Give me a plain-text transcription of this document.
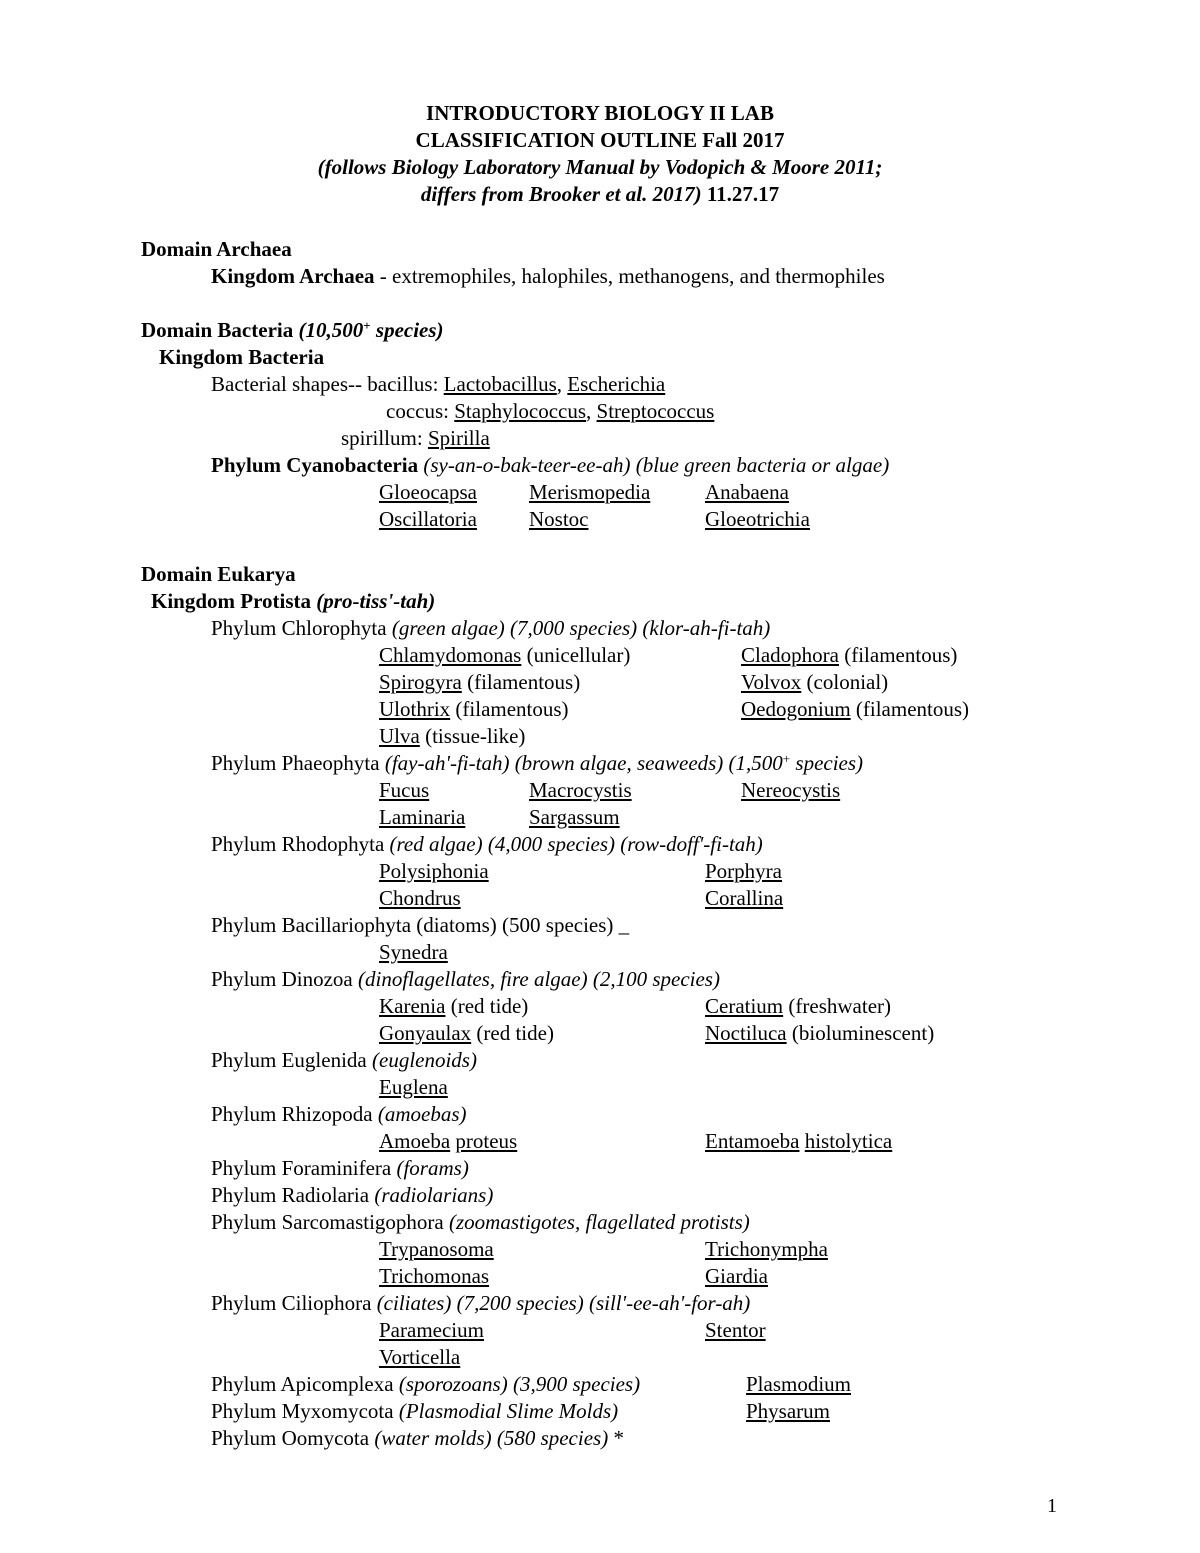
INTRODUCTORY BIOLOGY II LAB
CLASSIFICATION OUTLINE Fall 2017
(follows Biology Laboratory Manual by Vodopich & Moore 2011;
differs from Brooker et al. 2017) 11.27.17
Domain Archaea
Kingdom Archaea - extremophiles, halophiles, methanogens, and thermophiles
Domain Bacteria (10,500+ species)
Kingdom Bacteria
Bacterial shapes-- bacillus: Lactobacillus, Escherichia
coccus: Staphylococcus, Streptococcus
spirillum: Spirilla
Phylum Cyanobacteria (sy-an-o-bak-teer-ee-ah) (blue green bacteria or algae)
Gloeocapsa Merismopedia	Anabaena
Oscillatoria Nostoc	Gloeotrichia
Domain Eukarya
Kingdom Protista (pro-tiss'-tah)
Phylum Chlorophyta (green algae) (7,000 species) (klor-ah-fi-tah)
Chlamydomonas (unicellular)	Cladophora (filamentous)
Spirogyra (filamentous)	Volvox (colonial)
Ulothrix (filamentous)	Oedogonium (filamentous)
Ulva (tissue-like)
Phylum Phaeophyta (fay-ah'-fi-tah) (brown algae, seaweeds) (1,500+ species)
Fucus	Macrocystis	Nereocystis
Laminaria	Sargassum
Phylum Rhodophyta (red algae) (4,000 species) (row-doff'-fi-tah)
Polysiphonia	Porphyra
Chondrus	Corallina
Phylum Bacillariophyta (diatoms) (500 species) _
Synedra
Phylum Dinozoa (dinoflagellates, fire algae) (2,100 species)
Karenia (red tide)	Ceratium (freshwater)
Gonyaulax (red tide)	Noctiluca (bioluminescent)
Phylum Euglenida (euglenoids)
Euglena
Phylum Rhizopoda (amoebas)
Amoeba proteus	Entamoeba histolytica
Phylum Foraminifera (forams)
Phylum Radiolaria (radiolarians)
Phylum Sarcomastigophora (zoomastigotes, flagellated protists)
Trypanosoma	Trichonympha
Trichomonas	Giardia
Phylum Ciliophora (ciliates) (7,200 species) (sill'-ee-ah'-for-ah)
Paramecium	Stentor
Vorticella
Phylum Apicomplexa (sporozoans) (3,900 species)	Plasmodium
Phylum Myxomycota (Plasmodial Slime Molds)	Physarum
Phylum Oomycota (water molds) (580 species) *
1
